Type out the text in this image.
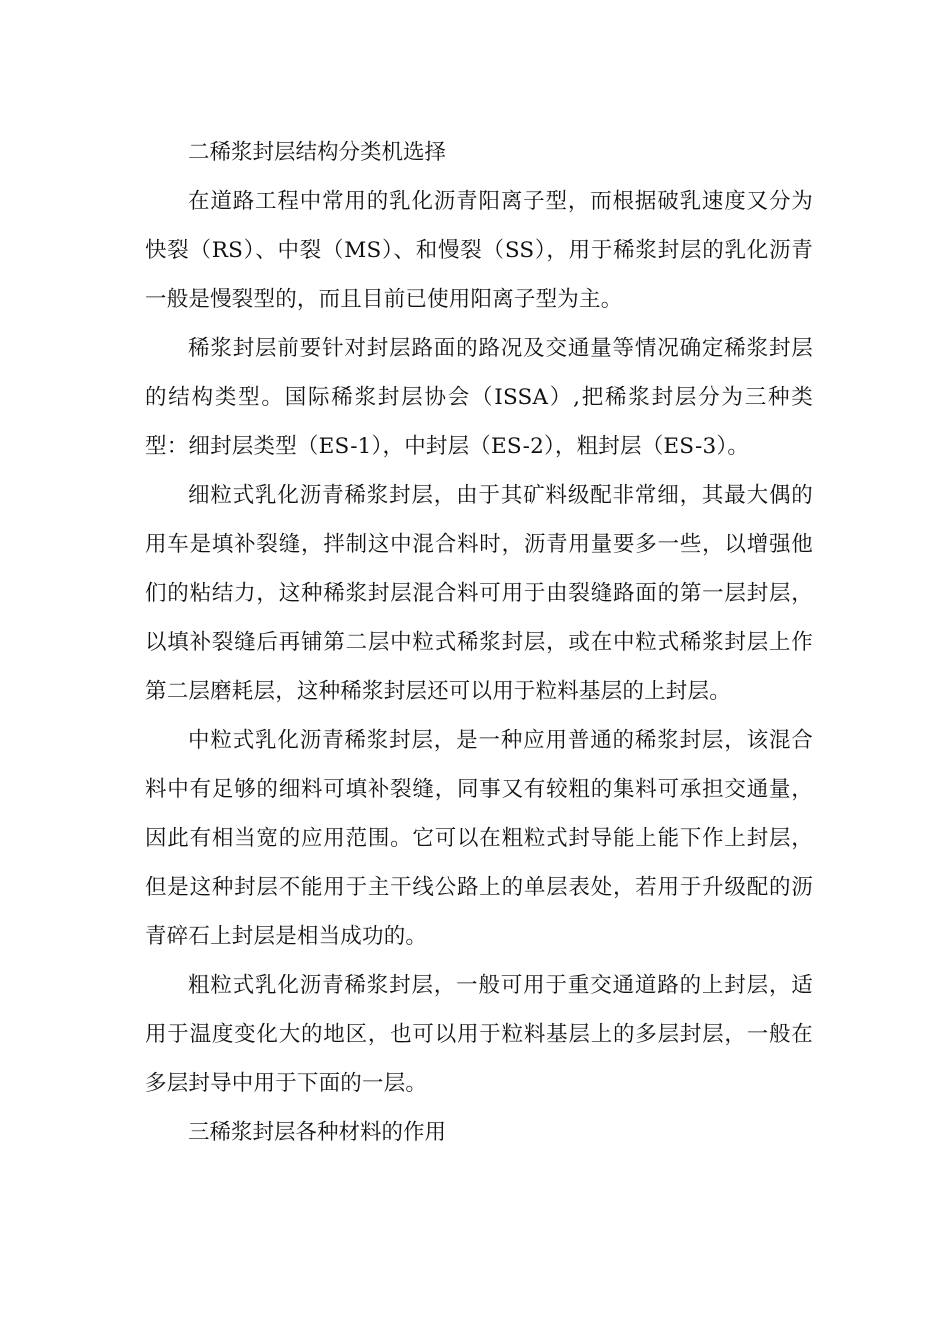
二稀浆封层结构分类机选择

在道路工程中常用的乳化沥青阳离子型，而根据破乳速度又分为快裂（RS）、中裂（MS）、和慢裂（SS），用于稀浆封层的乳化沥青一般是慢裂型的，而且目前已使用阳离子型为主。

稀浆封层前要针对封层路面的路况及交通量等情况确定稀浆封层的结构类型。国际稀浆封层协会（ISSA）,把稀浆封层分为三种类型：细封层类型（ES-1），中封层（ES-2），粗封层（ES-3）。

细粒式乳化沥青稀浆封层，由于其矿料级配非常细，其最大偶的用车是填补裂缝，拌制这中混合料时，沥青用量要多一些，以增强他们的粘结力，这种稀浆封层混合料可用于由裂缝路面的第一层封层，以填补裂缝后再铺第二层中粒式稀浆封层，或在中粒式稀浆封层上作第二层磨耗层，这种稀浆封层还可以用于粒料基层的上封层。

中粒式乳化沥青稀浆封层，是一种应用普通的稀浆封层，该混合料中有足够的细料可填补裂缝，同事又有较粗的集料可承担交通量，因此有相当宽的应用范围。它可以在粗粒式封导能上能下作上封层，但是这种封层不能用于主干线公路上的单层表处，若用于升级配的沥青碎石上封层是相当成功的。

粗粒式乳化沥青稀浆封层，一般可用于重交通道路的上封层，适用于温度变化大的地区，也可以用于粒料基层上的多层封层，一般在多层封导中用于下面的一层。

三稀浆封层各种材料的作用
